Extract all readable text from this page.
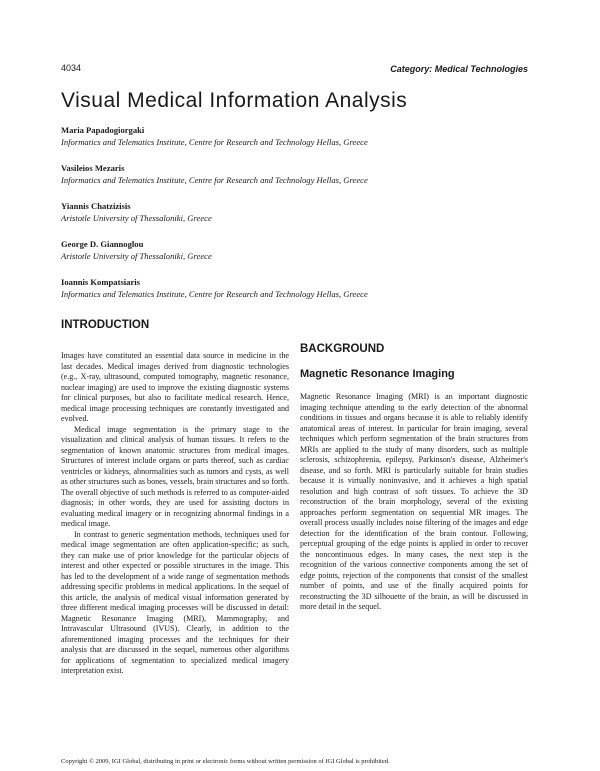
4034	Category: Medical Technologies
Visual Medical Information Analysis
Maria Papadogiorgaki
Informatics and Telematics Institute, Centre for Research and Technology Hellas, Greece
Vasileios Mezaris
Informatics and Telematics Institute, Centre for Research and Technology Hellas, Greece
Yiannis Chatzizisis
Aristotle University of Thessaloniki, Greece
George D. Giannoglou
Aristotle University of Thessaloniki, Greece
Ioannis Kompatsiaris
Informatics and Telematics Institute, Centre for Research and Technology Hellas, Greece
INTRODUCTION

Images have constituted an essential data source in medicine in the last decades. Medical images derived from diagnostic technologies (e.g., X-ray, ultrasound, computed tomography, magnetic resonance, nuclear imaging) are used to improve the existing diagnostic systems for clinical purposes, but also to facilitate medical research. Hence, medical image processing techniques are constantly investigated and evolved.

Medical image segmentation is the primary stage to the visualization and clinical analysis of human tissues. It refers to the segmentation of known anatomic structures from medical images. Structures of interest include organs or parts thereof, such as cardiac ventricles or kidneys, abnormalities such as tumors and cysts, as well as other structures such as bones, vessels, brain structures and so forth. The overall objective of such methods is referred to as computer-aided diagnosis; in other words, they are used for assisting doctors in evaluating medical imagery or in recognizing abnormal findings in a medical image.

In contrast to generic segmentation methods, techniques used for medical image segmentation are often application-specific; as such, they can make use of prior knowledge for the particular objects of interest and other expected or possible structures in the image. This has led to the development of a wide range of segmentation methods addressing specific problems in medical applications. In the sequel of this article, the analysis of medical visual information generated by three different medical imaging processes will be discussed in detail: Magnetic Resonance Imaging (MRI), Mammography, and Intravascular Ultrasound (IVUS). Clearly, in addition to the aforementioned imaging processes and the techniques for their analysis that are discussed in the sequel, numerous other algorithms for applications of segmentation to specialized medical imagery interpretation exist.

BACKGROUND
Magnetic Resonance Imaging

Magnetic Resonance Imaging (MRI) is an important diagnostic imaging technique attending to the early detection of the abnormal conditions in tissues and organs because it is able to reliably identify anatomical areas of interest. In particular for brain imaging, several techniques which perform segmentation of the brain structures from MRIs are applied to the study of many disorders, such as multiple sclerosis, schizophrenia, epilepsy, Parkinson's disease, Alzheimer's disease, and so forth. MRI is particularly suitable for brain studies because it is virtually noninvasive, and it achieves a high spatial resolution and high contrast of soft tissues. To achieve the 3D reconstruction of the brain morphology, several of the existing approaches perform segmentation on sequential MR images. The overall process usually includes noise filtering of the images and edge detection for the identification of the brain contour. Following, perceptual grouping of the edge points is applied in order to recover the noncontinuous edges. In many cases, the next step is the recognition of the various connective components among the set of edge points, rejection of the components that consist of the smallest number of points, and use of the finally acquired points for reconstructing the 3D silhouette of the brain, as will be discussed in more detail in the sequel.

Copyright © 2009, IGI Global, distributing in print or electronic forms without written permission of IGI Global is prohibited.
